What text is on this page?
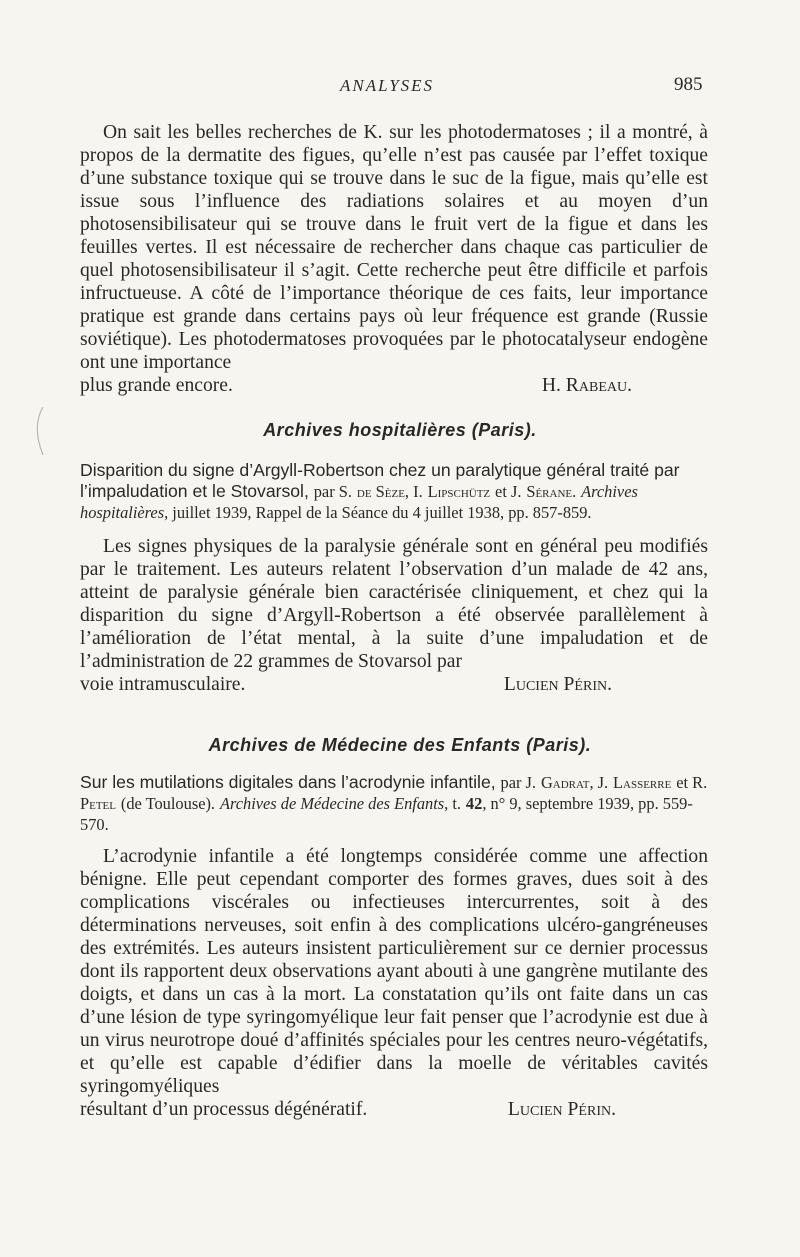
ANALYSES	985

On sait les belles recherches de K. sur les photodermatoses ; il a montré, à propos de la dermatite des figues, qu’elle n’est pas causée par l’effet toxique d’une substance toxique qui se trouve dans le suc de la figue, mais qu’elle est issue sous l’influence des radiations solaires et au moyen d’un photosensibilisateur qui se trouve dans le fruit vert de la figue et dans les feuilles vertes. Il est nécessaire de rechercher dans chaque cas particulier de quel photosensibilisateur il s’agit. Cette recherche peut être difficile et parfois infructueuse. A côté de l’importance théorique de ces faits, leur importance pratique est grande dans certains pays où leur fréquence est grande (Russie soviétique). Les photodermatoses provoquées par le photocatalyseur endogène ont une importance

plus grande encore.	H. Rabeau.
Archives hospitalières (Paris).

Disparition du signe d’Argyll-Robertson chez un paralytique général traité par l’impaludation et le Stovarsol, par S. de Sèze, I. Lipschütz et J. Sérane. Archives hospitalières, juillet 1939, Rappel de la Séance du 4 juillet 1938, pp. 857-859.

Les signes physiques de la paralysie générale sont en général peu modifiés par le traitement. Les auteurs relatent l’observation d’un malade de 42 ans, atteint de paralysie générale bien caractérisée cliniquement, et chez qui la disparition du signe d’Argyll-Robertson a été observée parallèlement à l’amélioration de l’état mental, à la suite d’une impaludation et de l’administration de 22 grammes de Stovarsol par

voie intramusculaire.	Lucien Périn.
Archives de Médecine des Enfants (Paris).

Sur les mutilations digitales dans l’acrodynie infantile, par J. Gadrat, J. Lasserre et R. Petel (de Toulouse). Archives de Médecine des Enfants, t. 42, n° 9, septembre 1939, pp. 559-570.

L’acrodynie infantile a été longtemps considérée comme une affection bénigne. Elle peut cependant comporter des formes graves, dues soit à des complications viscérales ou infectieuses intercurrentes, soit à des déterminations nerveuses, soit enfin à des complications ulcéro-gangréneuses des extrémités. Les auteurs insistent particulièrement sur ce dernier processus dont ils rapportent deux observations ayant abouti à une gangrène mutilante des doigts, et dans un cas à la mort. La constatation qu’ils ont faite dans un cas d’une lésion de type syringomyélique leur fait penser que l’acrodynie est due à un virus neurotrope doué d’affinités spéciales pour les centres neuro-végétatifs, et qu’elle est capable d’édifier dans la moelle de véritables cavités syringomyéliques

résultant d’un processus dégénératif.	Lucien Périn.
